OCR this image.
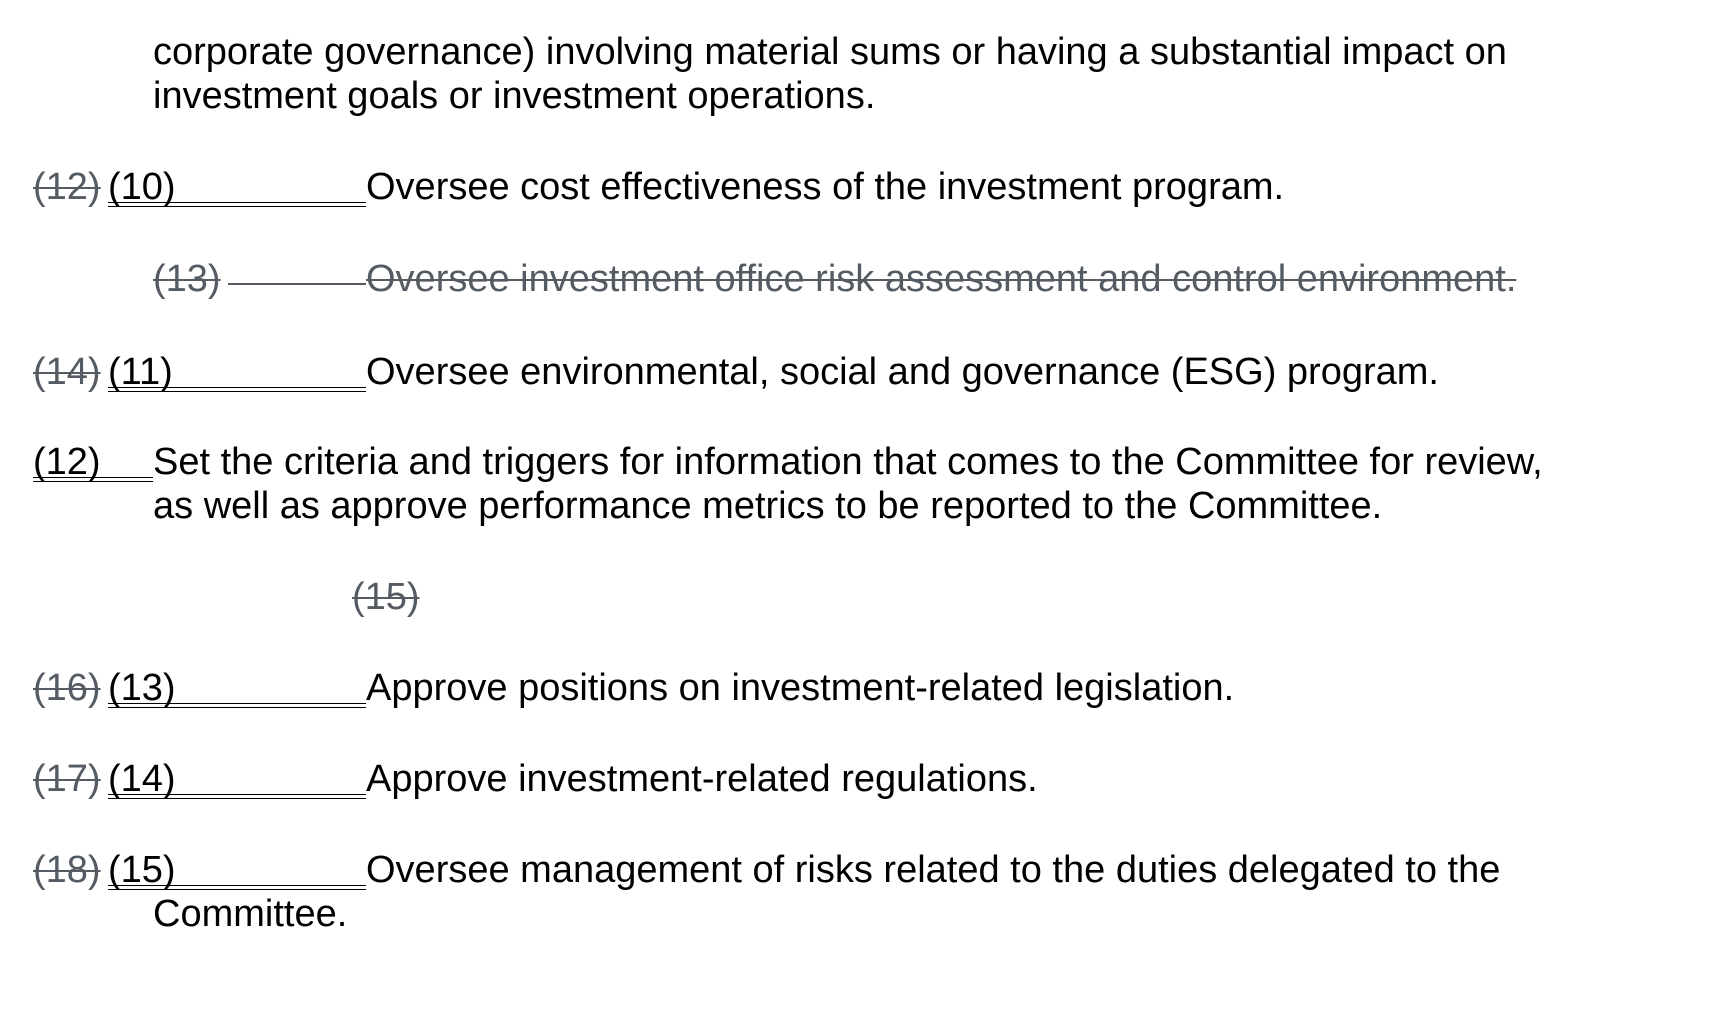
corporate governance) involving material sums or having a substantial impact on
investment goals or investment operations.
(12) (10)	Oversee cost effectiveness of the investment program.
(13)	Oversee investment office risk assessment and control environment.
(14) (11)	Oversee environmental, social and governance (ESG) program.
(12) Set the criteria and triggers for information that comes to the Committee for review,
as well as approve performance metrics to be reported to the Committee.
(15)
(16) (13)	Approve positions on investment-related legislation.
(17) (14)	Approve investment-related regulations.
(18) (15)	Oversee management of risks related to the duties delegated to the
Committee.
